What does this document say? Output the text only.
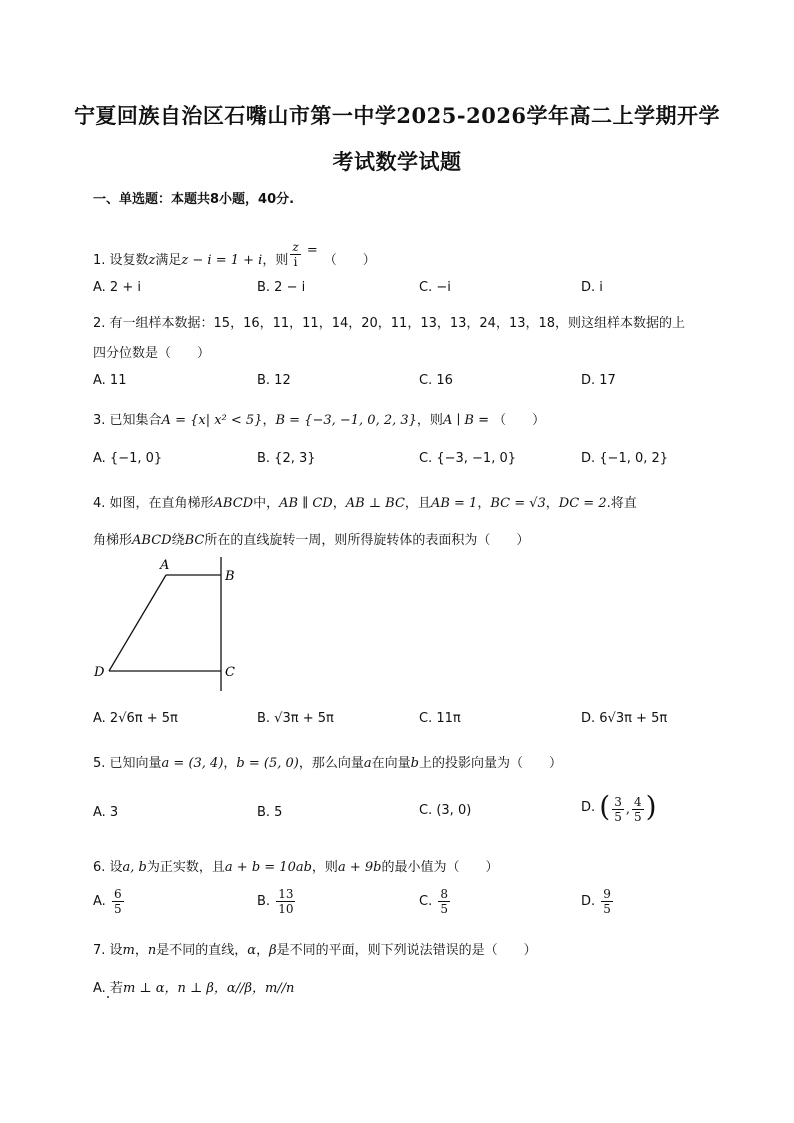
宁夏回族自治区石嘴山市第一中学2025-2026学年高二上学期开学
考试数学试题
一、单选题：本题共8小题，40分.
1. 设复数z满足z − i = 1 + i，则 $\frac{z}{i}$ =（　　）
A. 2 + i	B. 2 − i	C. −i	D. i
2. 有一组样本数据：15，16，11，11，14，20，11，13，13，24，13，18，则这组样本数据的上
四分位数是（　　）
A. 11	B. 12	C. 16	D. 17
3. 已知集合A = {x| x² < 5}，B = {−3, −1, 0, 2, 3}，则A ∣ B = （　　）
A. {−1, 0}	B. {2, 3}	C. {−3, −1, 0}	D. {−1, 0, 2}
4. 如图，在直角梯形ABCD中，AB ∥ CD，AB ⊥ BC，且AB = 1，BC = √3，DC = 2.将直
角梯形ABCD绕BC所在的直线旋转一周，则所得旋转体的表面积为（　　）
A
B
C
D
A. 2√6π + 5π	B. √3π + 5π	C. 11π	D. 6√3π + 5π
5. 已知向量a = (3, 4)，b = (5, 0)，那么向量a在向量b上的投影向量为（　　）
A. 3	B. 5	C. (3, 0)	D. ( $\frac{3}{5}$ , $\frac{4}{5}$ )
6. 设a, b为正实数，且a + b = 10ab，则a + 9b的最小值为（　　）
A. $\frac{6}{5}$	B. $\frac{13}{10}$	C. $\frac{8}{5}$	D. $\frac{9}{5}$
7. 设m，n是不同的直线，α，β是不同的平面，则下列说法错误的是（　　）
A. 若m ⊥ α，n ⊥ β，α//β，m//n
